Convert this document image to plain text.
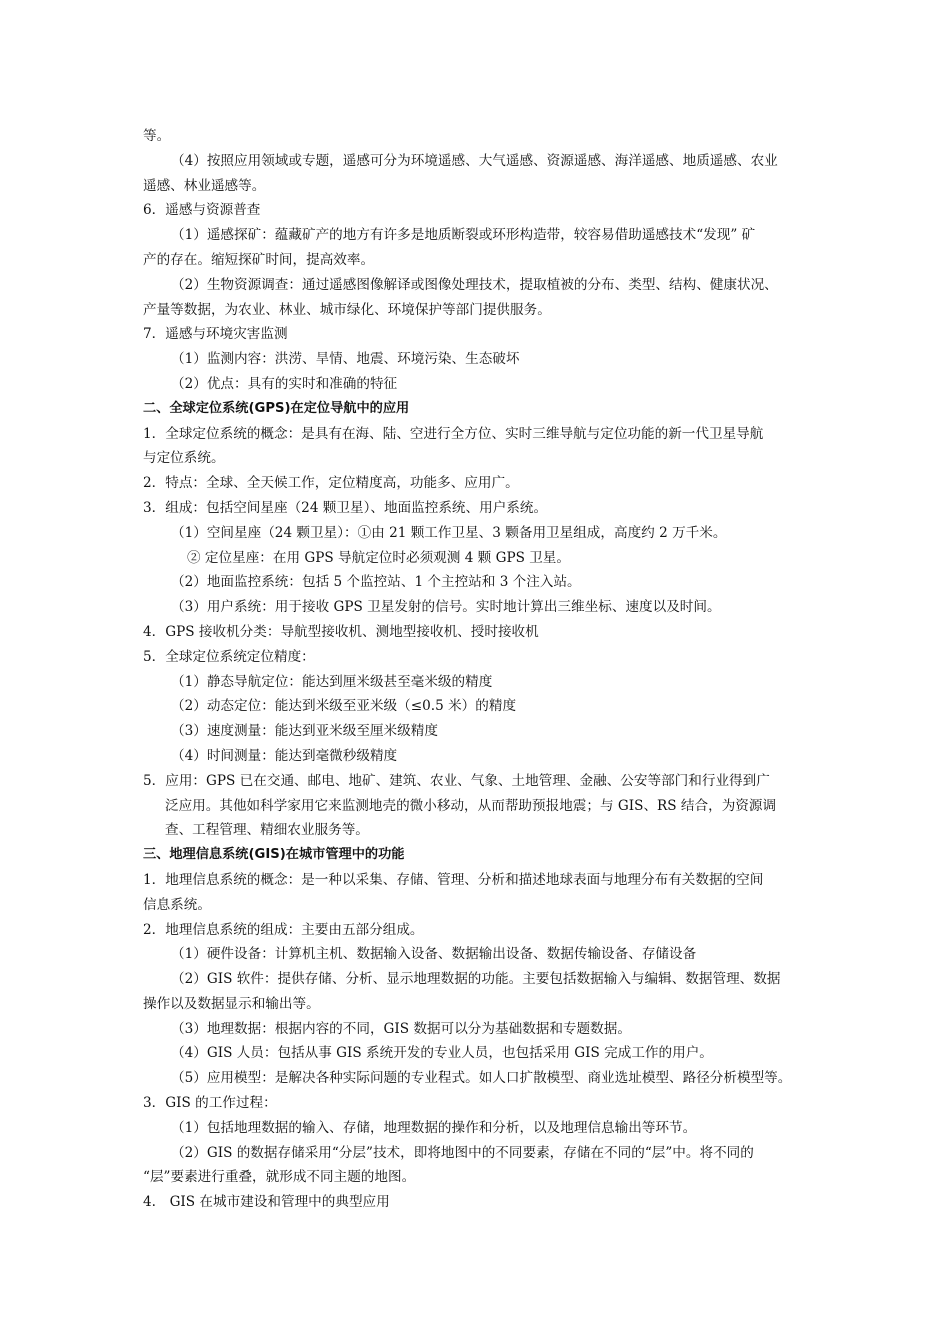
等。
（4）按照应用领域或专题，遥感可分为环境遥感、大气遥感、资源遥感、海洋遥感、地质遥感、农业
遥感、林业遥感等。
6．遥感与资源普查
（1）遥感探矿：蕴藏矿产的地方有许多是地质断裂或环形构造带，较容易借助遥感技术“发现” 矿
产的存在。缩短探矿时间，提高效率。
（2）生物资源调查：通过遥感图像解译或图像处理技术，提取植被的分布、类型、结构、健康状况、
产量等数据，为农业、林业、城市绿化、环境保护等部门提供服务。
7．遥感与环境灾害监测
（1）监测内容：洪涝、旱情、地震、环境污染、生态破坏
（2）优点：具有的实时和准确的特征
二、全球定位系统(GPS)在定位导航中的应用
1．全球定位系统的概念：是具有在海、陆、空进行全方位、实时三维导航与定位功能的新一代卫星导航
与定位系统。
2．特点：全球、全天候工作，定位精度高，功能多、应用广。
3．组成：包括空间星座（24 颗卫星）、地面监控系统、用户系统。
（1）空间星座（24 颗卫星）：①由 21 颗工作卫星、3 颗备用卫星组成，高度约 2 万千米。
② 定位星座：在用 GPS 导航定位时必须观测 4 颗 GPS 卫星。
（2）地面监控系统：包括 5 个监控站、1 个主控站和 3 个注入站。
（3）用户系统：用于接收 GPS 卫星发射的信号。实时地计算出三维坐标、速度以及时间。
4．GPS 接收机分类：导航型接收机、测地型接收机、授时接收机
5．全球定位系统定位精度：
（1）静态导航定位：能达到厘米级甚至毫米级的精度
（2）动态定位：能达到米级至亚米级（≤0.5 米）的精度
（3）速度测量：能达到亚米级至厘米级精度
（4）时间测量：能达到毫微秒级精度
5．应用：GPS 已在交通、邮电、地矿、建筑、农业、气象、土地管理、金融、公安等部门和行业得到广
泛应用。其他如科学家用它来监测地壳的微小移动，从而帮助预报地震；与 GIS、RS 结合，为资源调
查、工程管理、精细农业服务等。
三、地理信息系统(GIS)在城市管理中的功能
1．地理信息系统的概念：是一种以采集、存储、管理、分析和描述地球表面与地理分布有关数据的空间
信息系统。
2．地理信息系统的组成：主要由五部分组成。
（1）硬件设备：计算机主机、数据输入设备、数据输出设备、数据传输设备、存储设备
（2）GIS 软件：提供存储、分析、显示地理数据的功能。主要包括数据输入与编辑、数据管理、数据
操作以及数据显示和输出等。
（3）地理数据：根据内容的不同，GIS 数据可以分为基础数据和专题数据。
（4）GIS 人员：包括从事 GIS 系统开发的专业人员，也包括采用 GIS 完成工作的用户。
（5）应用模型：是解决各种实际问题的专业程式。如人口扩散模型、商业选址模型、路径分析模型等。
3．GIS 的工作过程：
（1）包括地理数据的输入、存储，地理数据的操作和分析，以及地理信息输出等环节。
（2）GIS 的数据存储采用“分层”技术，即将地图中的不同要素，存储在不同的“层”中。将不同的
“层”要素进行重叠，就形成不同主题的地图。
4.　GIS 在城市建设和管理中的典型应用
